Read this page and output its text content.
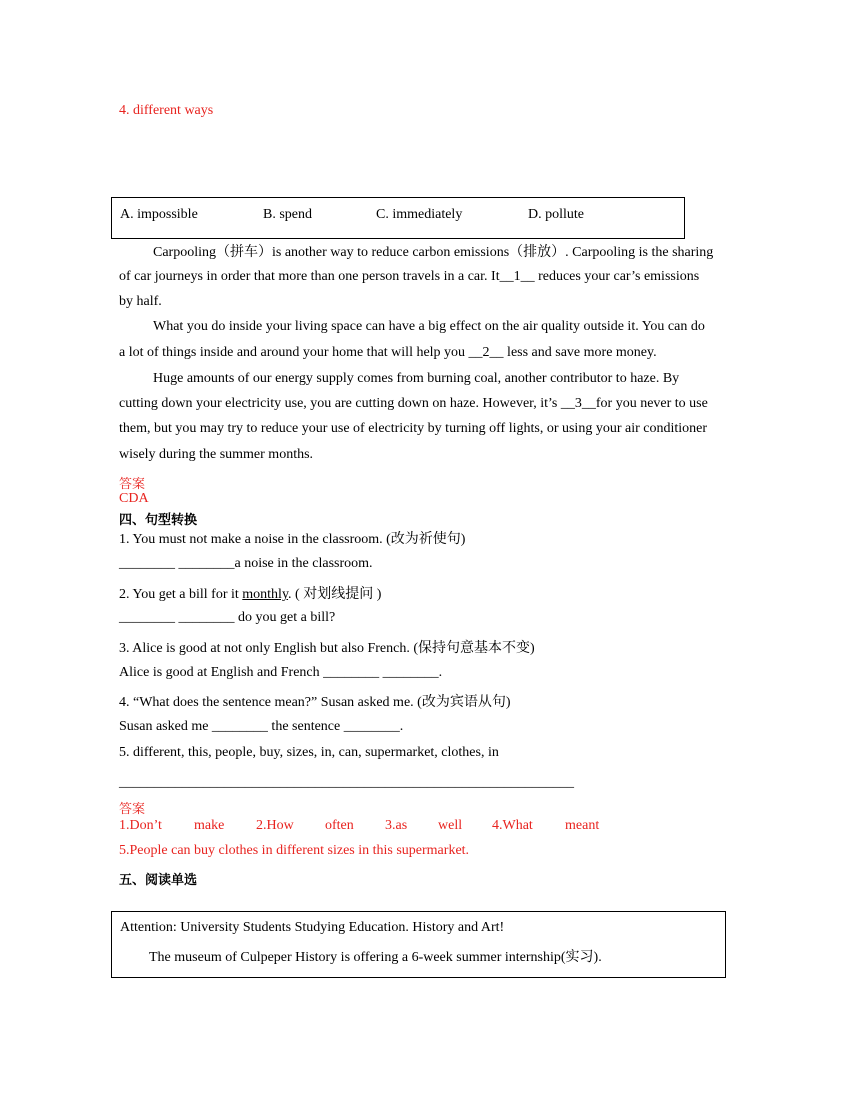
4. different ways
A. impossible	B. spend	C. immediately	D. pollute
Carpooling（拼车）is another way to reduce carbon emissions（排放）. Carpooling is the sharing
of car journeys in order that more than one person travels in a car. It__1__ reduces your car’s emissions
by half.
What you do inside your living space can have a big effect on the air quality outside it. You can do
a lot of things inside and around your home that will help you __2__ less and save more money.
Huge amounts of our energy supply comes from burning coal, another contributor to haze. By
cutting down your electricity use, you are cutting down on haze. However, it’s __3__for you never to use
them, but you may try to reduce your use of electricity by turning off lights, or using your air conditioner
wisely during the summer months.
答案
CDA
四、句型转换
1. You must not make a noise in the classroom. (改为祈使句)
________ ________a noise in the classroom.
2. You get a bill for it monthly. ( 对划线提问 )
________ ________ do you get a bill?
3. Alice is good at not only English but also French. (保持句意基本不变)
Alice is good at English and French ________ ________.
4. “What does the sentence mean?” Susan asked me. (改为宾语从句)
Susan asked me ________ the sentence ________.
5. different, this, people, buy, sizes, in, can, supermarket, clothes, in
_________________________________________________________________
答案
1.Don’t make 2.How often 3.as well 4.What meant
5.People can buy clothes in different sizes in this supermarket.
五、阅读单选
Attention: University Students Studying Education. History and Art!
The museum of Culpeper History is offering a 6-week summer internship(实习).
